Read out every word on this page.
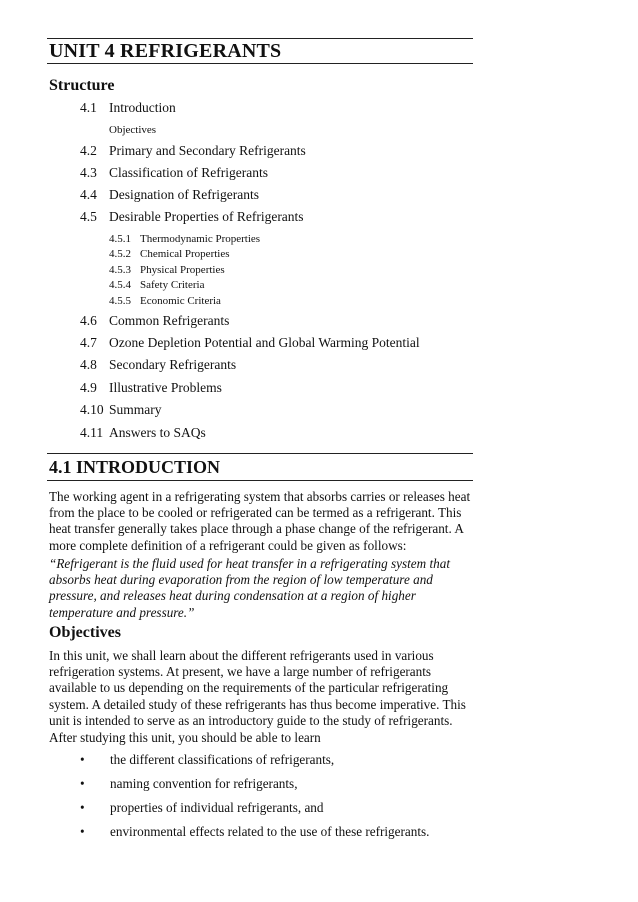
UNIT 4 REFRIGERANTS
Structure
4.1 Introduction
Objectives
4.2 Primary and Secondary Refrigerants
4.3 Classification of Refrigerants
4.4 Designation of Refrigerants
4.5 Desirable Properties of Refrigerants
4.5.1 Thermodynamic Properties
4.5.2 Chemical Properties
4.5.3 Physical Properties
4.5.4 Safety Criteria
4.5.5 Economic Criteria
4.6 Common Refrigerants
4.7 Ozone Depletion Potential and Global Warming Potential
4.8 Secondary Refrigerants
4.9 Illustrative Problems
4.10 Summary
4.11 Answers to SAQs
4.1 INTRODUCTION

The working agent in a refrigerating system that absorbs carries or releases heat from the place to be cooled or refrigerated can be termed as a refrigerant. This heat transfer generally takes place through a phase change of the refrigerant. A more complete definition of a refrigerant could be given as follows:

“Refrigerant is the fluid used for heat transfer in a refrigerating system that absorbs heat during evaporation from the region of low temperature and pressure, and releases heat during condensation at a region of higher temperature and pressure.”

Objectives

In this unit, we shall learn about the different refrigerants used in various refrigeration systems. At present, we have a large number of refrigerants available to us depending on the requirements of the particular refrigerating system. A detailed study of these refrigerants has thus become imperative. This unit is intended to serve as an introductory guide to the study of refrigerants.

After studying this unit, you should be able to learn

• the different classifications of refrigerants,
• naming convention for refrigerants,
• properties of individual refrigerants, and
• environmental effects related to the use of these refrigerants.
